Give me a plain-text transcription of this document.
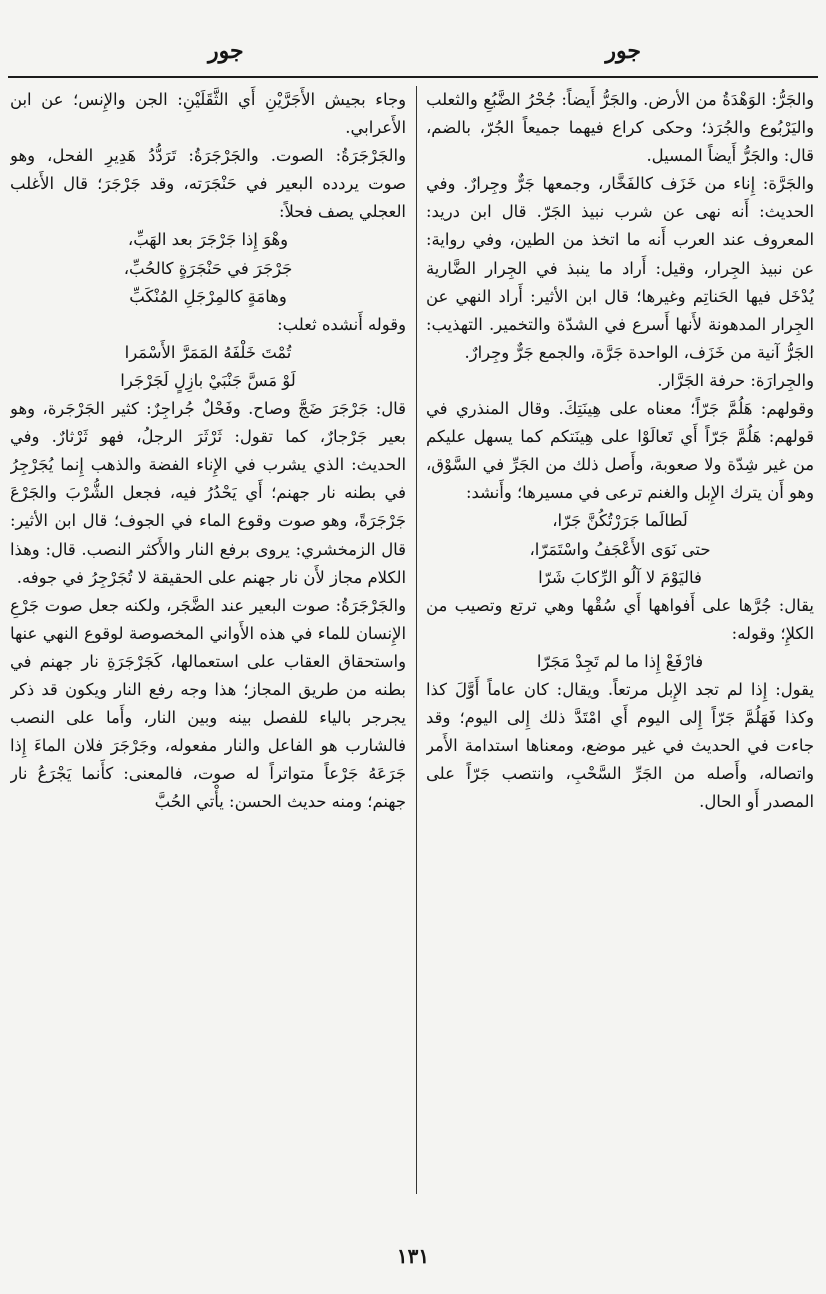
جور
جور

والجَرُّ: الوَهْدَةُ من الأرض. والجَرُّ أَيضاً: جُحْرُ الضَّبُعِ والثعلب واليَرْبُوع والجُرَذ؛ وحكى كراع فيهما جميعاً الجُرّ، بالضم، قال: والجَرُّ أَيضاً المسيل.

والجَرَّة: إِناء من خَزَف كالفَخَّار، وجمعها جَرٌّ وجِرارٌ. وفي الحديث: أَنه نهى عن شرب نبيذ الجَرّ. قال ابن دريد: المعروف عند العرب أَنه ما اتخذ من الطين، وفي رواية: عن نبيذ الجِرار، وقيل: أَراد ما ينبذ في الجِرار الضَّارية يُدْخَل فيها الحَناتِم وغيرها؛ قال ابن الأثير: أَراد النهي عن الجِرار المدهونة لأَنها أَسرع في الشدّة والتخمير. التهذيب: الجَرُّ آنية من خَزَف، الواحدة جَرَّة، والجمع جَرٌّ وجِرارٌ.

والجِرارَة: حرفة الجَرَّار.

وقولهم: هَلُمَّ جَرّاً؛ معناه على هِينَتِكَ. وقال المنذري في قولهم: هَلُمَّ جَرّاً أَي تَعالَوْا على هِينَتكم كما يسهل عليكم من غير شِدّة ولا صعوبة، وأَصل ذلك من الجَرِّ في السَّوْق، وهو أَن يترك الإِبل والغنم ترعى في مسيرها؛ وأَنشد:

لَطالَما جَرَرْتُكُنَّ جَرّا،

حتى نَوَى الأَعْجَفُ واسْتَمَرّا،

فاليَوْمَ لا آلُو الرِّكابَ شَرّا

يقال: جُرَّها على أَفواهها أَي سُقْها وهي ترتع وتصيب من الكلإِ؛ وقوله:

فارْفَعْ إِذا ما لم تَجِدْ مَجَرّا

يقول: إِذا لم تجد الإِبل مرتعاً. ويقال: كان عاماً أَوَّلَ كذا وكذا فَهَلُمَّ جَرّاً إِلى اليوم أَي امْتَدَّ ذلك إِلى اليوم؛ وقد جاءت في الحديث في غير موضع، ومعناها استدامة الأَمر واتصاله، وأَصله من الجَرِّ السَّحْبِ، وانتصب جَرّاً على المصدر أَو الحال.

وجاء بجيش الأَجَرَّيْنِ أَي الثَّقَلَيْنِ: الجن والإِنس؛ عن ابن الأَعرابي.

والجَرْجَرَةُ: الصوت. والجَرْجَرَةُ: تَرَدُّدُ هَدِيرِ الفحل، وهو صوت يردده البعير في حَنْجَرَته، وقد جَرْجَرَ؛ قال الأَغلب العجلي يصف فحلاً:

وهْوَ إِذا جَرْجَرَ بعد الهَبِّ،

جَرْجَرَ في حَنْجَرَةٍ كالحُبِّ،

وهامَةٍ كالمِرْجَلِ المُنْكَبِّ

وقوله أَنشده ثعلب:

تُمْتَ خَلْفَهُ المَمَرَّ الأَسْمَرا

لَوْ مَسَّ جَنْبَيْ بازِلٍ لَجَرْجَرا

قال: جَرْجَرَ ضَجَّ وصاح. وفَحْلٌ جُراجِرٌ: كثير الجَرْجَرة، وهو بعير جَرْجارٌ، كما تقول: ثَرْثَرَ الرجلُ، فهو ثَرْثارٌ. وفي الحديث: الذي يشرب في الإِناء الفضة والذهب إِنما يُجَرْجِرُ في بطنه نار جهنم؛ أَي يَحْدُرُ فيه، فجعل الشُّرْبَ والجَرْعَ جَرْجَرَةً، وهو صوت وقوع الماء في الجوف؛ قال ابن الأثير: قال الزمخشري: يروى برفع النار والأَكثر النصب. قال: وهذا الكلام مجاز لأَن نار جهنم على الحقيقة لا تُجَرْجِرُ في جوفه.

والجَرْجَرَةُ: صوت البعير عند الضَّجَر، ولكنه جعل صوت جَرْعِ الإِنسان للماء في هذه الأَواني المخصوصة لوقوع النهي عنها واستحقاق العقاب على استعمالها، كَجَرْجَرَةِ نار جهنم في بطنه من طريق المجاز؛ هذا وجه رفع النار ويكون قد ذكر يجرجر بالياء للفصل بينه وبين النار، وأَما على النصب فالشارب هو الفاعل والنار مفعوله، وجَرْجَرَ فلان الماءَ إِذا جَرَعَهُ جَرْعاً متواتراً له صوت، فالمعنى: كأَنما يَجْرَعُ نار جهنم؛ ومنه حديث الحسن: يأْتي الحُبَّ

١٣١
